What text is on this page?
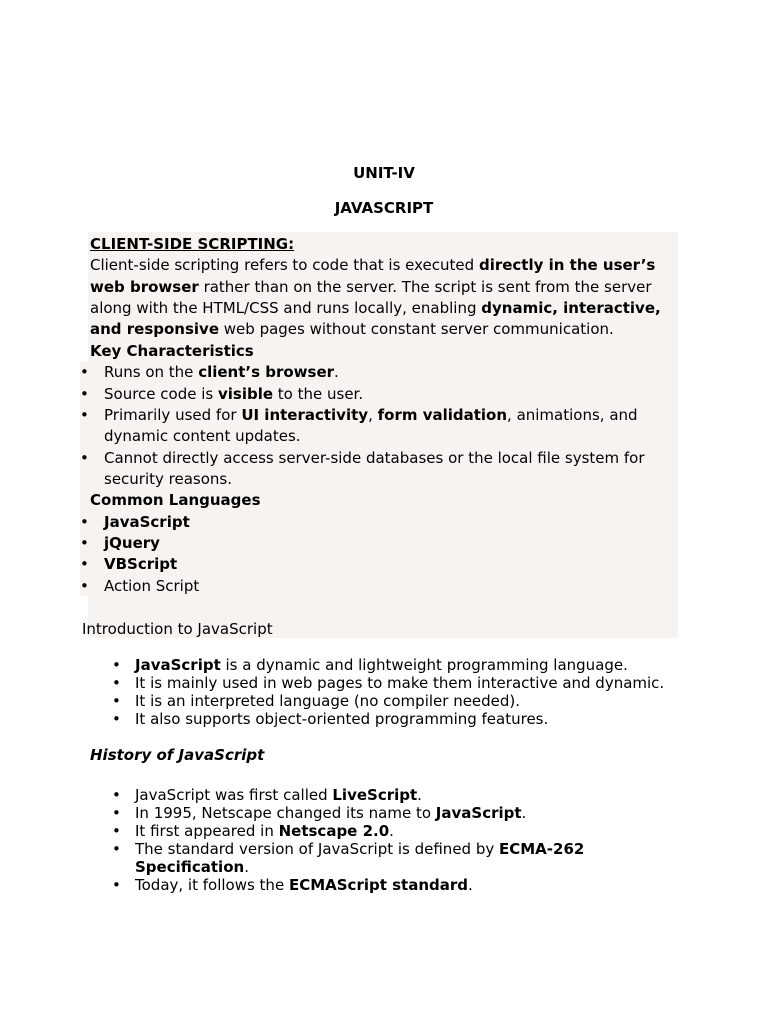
UNIT-IV
JAVASCRIPT
CLIENT-SIDE SCRIPTING:
Client-side scripting refers to code that is executed directly in the user’s
web browser rather than on the server. The script is sent from the server
along with the HTML/CSS and runs locally, enabling dynamic, interactive,
and responsive web pages without constant server communication.
Key Characteristics
• Runs on the client’s browser.
• Source code is visible to the user.
• Primarily used for UI interactivity, form validation, animations, and
dynamic content updates.
• Cannot directly access server-side databases or the local file system for
security reasons.
Common Languages
• JavaScript
• jQuery
• VBScript
• Action Script
Introduction to JavaScript
• JavaScript is a dynamic and lightweight programming language.
• It is mainly used in web pages to make them interactive and dynamic.
• It is an interpreted language (no compiler needed).
• It also supports object-oriented programming features.
History of JavaScript
• JavaScript was first called LiveScript.
• In 1995, Netscape changed its name to JavaScript.
• It first appeared in Netscape 2.0.
• The standard version of JavaScript is defined by ECMA-262
Specification.
• Today, it follows the ECMAScript standard.
